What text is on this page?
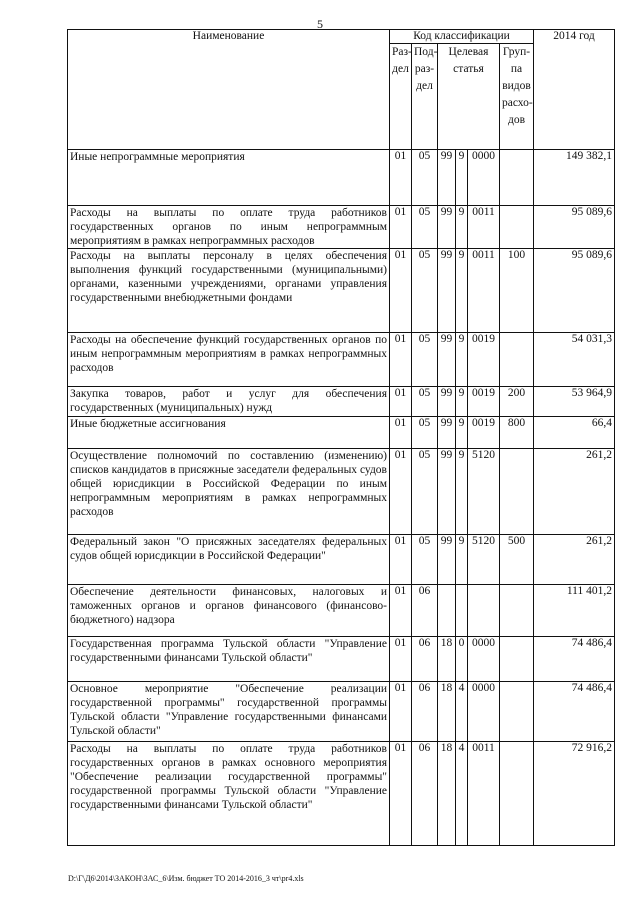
5
Наименование	Код классификации						2014 год
	Раз- дел	Под- раз- дел	Целевая статья			Груп- па видов расхо- дов	
Иные непрограммные мероприятия	01	05	99	9	0000		149 382,1
Расходы на выплаты по оплате труда работников государственных органов по иным непрограммным мероприятиям в рамках непрограммных расходов	01	05	99	9	0011		95 089,6
Расходы на выплаты персоналу в целях обеспечения выполнения функций государственными (муниципальными) органами, казенными учреждениями, органами управления государственными внебюджетными фондами	01	05	99	9	0011	100	95 089,6
Расходы на обеспечение функций государственных органов по иным непрограммным мероприятиям в рамках непрограммных расходов	01	05	99	9	0019		54 031,3
Закупка товаров, работ и услуг для обеспечения государственных (муниципальных) нужд	01	05	99	9	0019	200	53 964,9
Иные бюджетные ассигнования	01	05	99	9	0019	800	66,4
Осуществление полномочий по составлению (изменению) списков кандидатов в присяжные заседатели федеральных судов общей юрисдикции в Российской Федерации по иным непрограммным мероприятиям в рамках непрограммных расходов	01	05	99	9	5120		261,2
Федеральный закон "О присяжных заседателях федеральных судов общей юрисдикции в Российской Федерации"	01	05	99	9	5120	500	261,2
Обеспечение деятельности финансовых, налоговых и таможенных органов и органов финансового (финансово-бюджетного) надзора	01	06					111 401,2
Государственная программа Тульской области "Управление государственными финансами Тульской области"	01	06	18	0	0000		74 486,4
Основное мероприятие "Обеспечение реализации государственной программы" государственной программы Тульской области "Управление государственными финансами Тульской области"	01	06	18	4	0000		74 486,4
Расходы на выплаты по оплате труда работников государственных органов в рамках основного мероприятия "Обеспечение реализации государственной программы" государственной программы Тульской области "Управление государственными финансами Тульской области"	01	06	18	4	0011		72 916,2
D:\Г\Д6\2014\ЗАКОН\ЗАС_6\Изм. бюджет ТО 2014-2016_3 чт\pr4.xls
